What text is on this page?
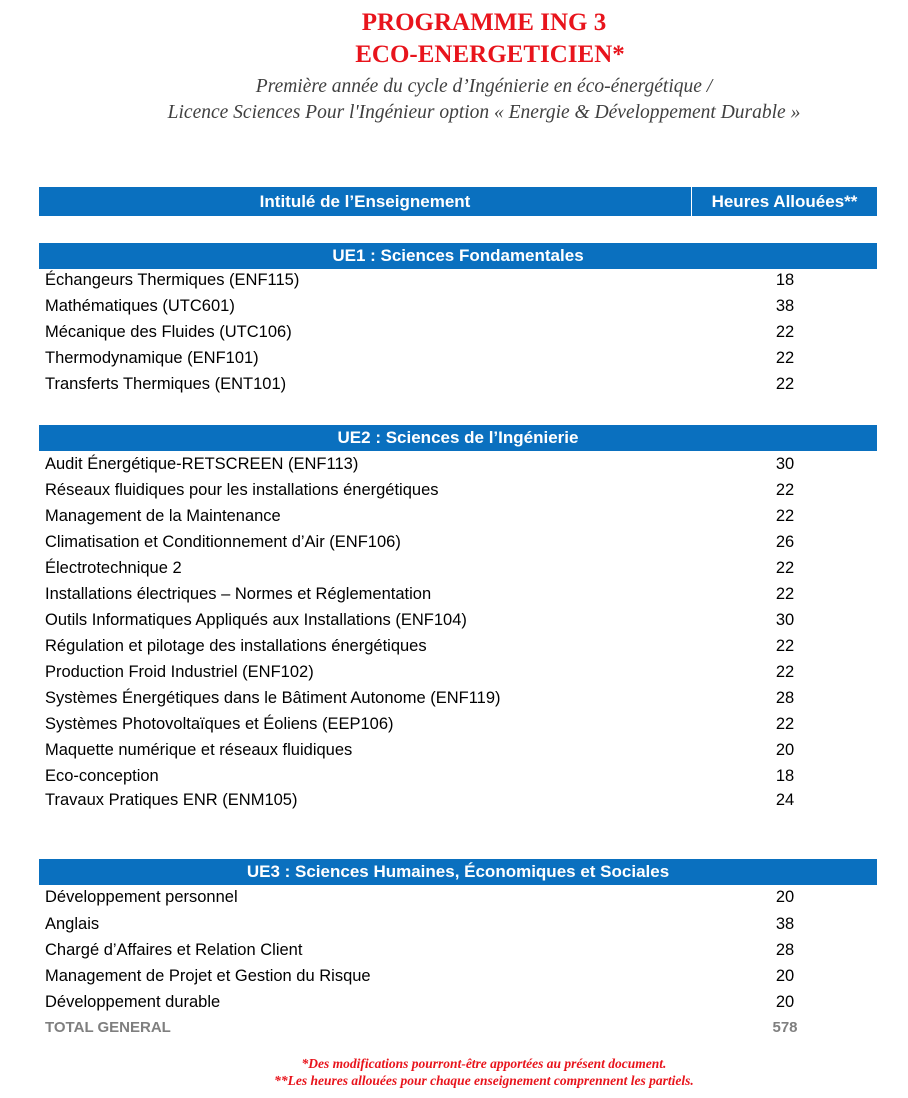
PROGRAMME ING 3
ECO-ENERGETICIEN*
Première année du cycle d’Ingénierie en éco-énergétique /
Licence Sciences Pour l'Ingénieur option « Energie & Développement Durable »
Intitulé de l’Enseignement	Heures Allouées**
UE1 : Sciences Fondamentales
Échangeurs Thermiques (ENF115)	18
Mathématiques (UTC601)	38
Mécanique des Fluides (UTC106)	22
Thermodynamique (ENF101)	22
Transferts Thermiques (ENT101)	22
UE2 : Sciences de l’Ingénierie
Audit Énergétique-RETSCREEN (ENF113)	30
Réseaux fluidiques pour les installations énergétiques	22
Management de la Maintenance	22
Climatisation et Conditionnement d’Air (ENF106)	26
Électrotechnique 2	22
Installations électriques – Normes et Réglementation	22
Outils Informatiques Appliqués aux Installations (ENF104)	30
Régulation et pilotage des installations énergétiques	22
Production Froid Industriel (ENF102)	22
Systèmes Énergétiques dans le Bâtiment Autonome (ENF119)	28
Systèmes Photovoltaïques et Éoliens (EEP106)	22
Maquette numérique et réseaux fluidiques	20
Eco-conception	18
Travaux Pratiques ENR (ENM105)	24
UE3 : Sciences Humaines, Économiques et Sociales
Développement personnel	20
Anglais	38
Chargé d’Affaires et Relation Client	28
Management de Projet et Gestion du Risque	20
Développement durable	20
TOTAL GENERAL	578
*Des modifications pourront-être apportées au présent document.
**Les heures allouées pour chaque enseignement comprennent les partiels.
